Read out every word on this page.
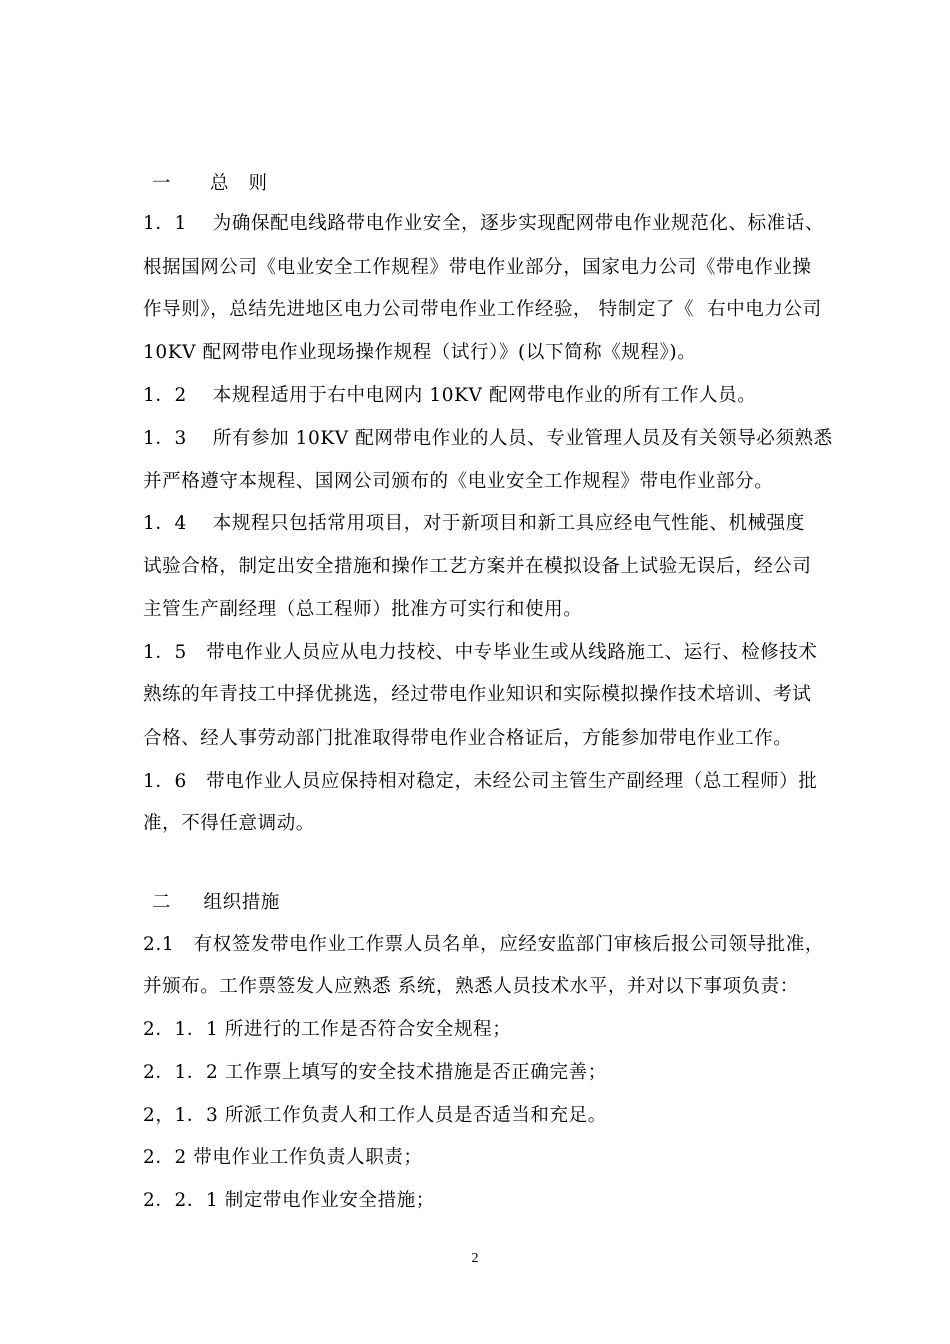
一      总   则
1．1    为确保配电线路带电作业安全，逐步实现配网带电作业规范化、标准话、
根据国网公司《电业安全工作规程》带电作业部分，国家电力公司《带电作业操
作导则》，总结先进地区电力公司带电作业工作经验， 特制定了《  右中电力公司
10KV 配网带电作业现场操作规程（试行）》(以下简称《规程》)。
1．2    本规程适用于右中电网内 10KV 配网带电作业的所有工作人员。
1．3    所有参加 10KV 配网带电作业的人员、专业管理人员及有关领导必须熟悉
并严格遵守本规程、国网公司颁布的《电业安全工作规程》带电作业部分。
1．4    本规程只包括常用项目，对于新项目和新工具应经电气性能、机械强度
试验合格，制定出安全措施和操作工艺方案并在模拟设备上试验无误后，经公司
主管生产副经理（总工程师）批准方可实行和使用。
1．5   带电作业人员应从电力技校、中专毕业生或从线路施工、运行、检修技术
熟练的年青技工中择优挑选，经过带电作业知识和实际模拟操作技术培训、考试
合格、经人事劳动部门批准取得带电作业合格证后，方能参加带电作业工作。
1．6   带电作业人员应保持相对稳定，未经公司主管生产副经理（总工程师）批
准，不得任意调动。
二     组织措施
2.1   有权签发带电作业工作票人员名单，应经安监部门审核后报公司领导批准，
并颁布。工作票签发人应熟悉 系统，熟悉人员技术水平，并对以下事项负责：
2．1．1 所进行的工作是否符合安全规程；
2．1．2 工作票上填写的安全技术措施是否正确完善；
2，1．3 所派工作负责人和工作人员是否适当和充足。
2．2 带电作业工作负责人职责；
2．2．1 制定带电作业安全措施；
2
